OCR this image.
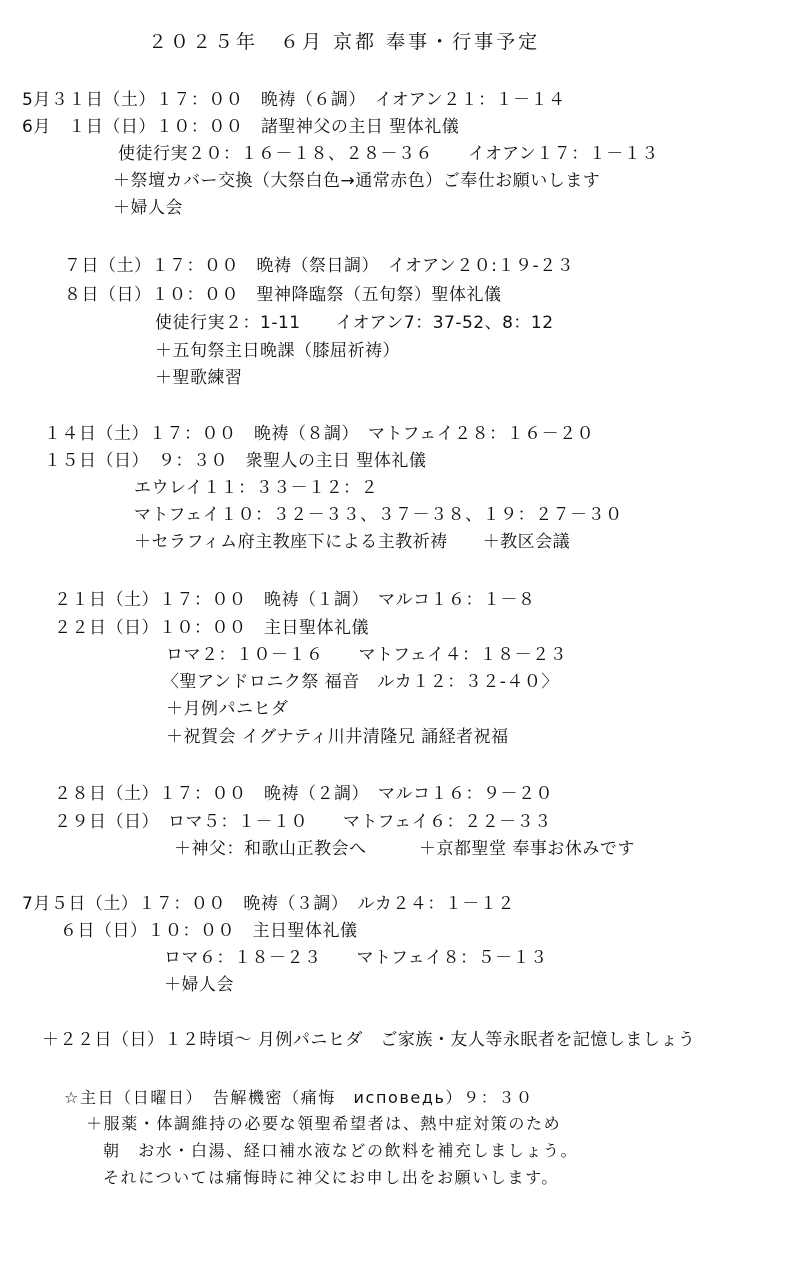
２０２５年　６月 京都 奉事・行事予定
5月３１日（土）１７：００　晩祷（６調）　イオアン２１：１－１４
6月　１日（日）１０：００　諸聖神父の主日 聖体礼儀
使徒行実２０：１６－１８、２８－３６　　イオアン１７：１－１３
＋祭壇カバー交換（大祭白色→通常赤色）ご奉仕お願いします
＋婦人会
７日（土）１７：００　晩祷（祭日調）　イオアン２０:１９-２３
８日（日）１０：００　聖神降臨祭（五旬祭）聖体礼儀
使徒行実２：1-11　　イオアン7：37-52、8：12
＋五旬祭主日晩課（膝屈祈祷）
＋聖歌練習
１４日（土）１７：００　晩祷（８調）　マトフェイ２８：１６－２０
１５日（日）　９：３０　衆聖人の主日 聖体礼儀
エウレイ１１：３３－１２：２
マトフェイ１０：３２－３３、３７－３８、１９：２７－３０
＋セラフィム府主教座下による主教祈祷　　＋教区会議
２１日（土）１７：００　晩祷（１調）　マルコ１６：１－８
２２日（日）１０：００　主日聖体礼儀
ロマ２：１０－１６　　マトフェイ４：１８－２３
〈聖アンドロニク祭 福音　ルカ１２：３２-４０〉
＋月例パニヒダ
＋祝賀会 イグナティ川井清隆兄 誦経者祝福
２８日（土）１７：００　晩祷（２調）　マルコ１６：９－２０
２９日（日）　ロマ５：１－１０　　マトフェイ６：２２－３３
＋神父：和歌山正教会へ　　　＋京都聖堂 奉事お休みです
7月５日（土）１７：００　晩祷（３調）　ルカ２４：１－１２
６日（日）１０：００　主日聖体礼儀
ロマ６：１８－２３　　マトフェイ８：５－１３
＋婦人会
＋２２日（日）１２時頃～ 月例パニヒダ　ご家族・友人等永眠者を記憶しましょう
☆主日（日曜日）　告解機密（痛悔　исповедь）９：３０
＋服薬・体調維持の必要な領聖希望者は、熱中症対策のため
朝　お水・白湯、経口補水液などの飲料を補充しましょう。
それについては痛悔時に神父にお申し出をお願いします。
